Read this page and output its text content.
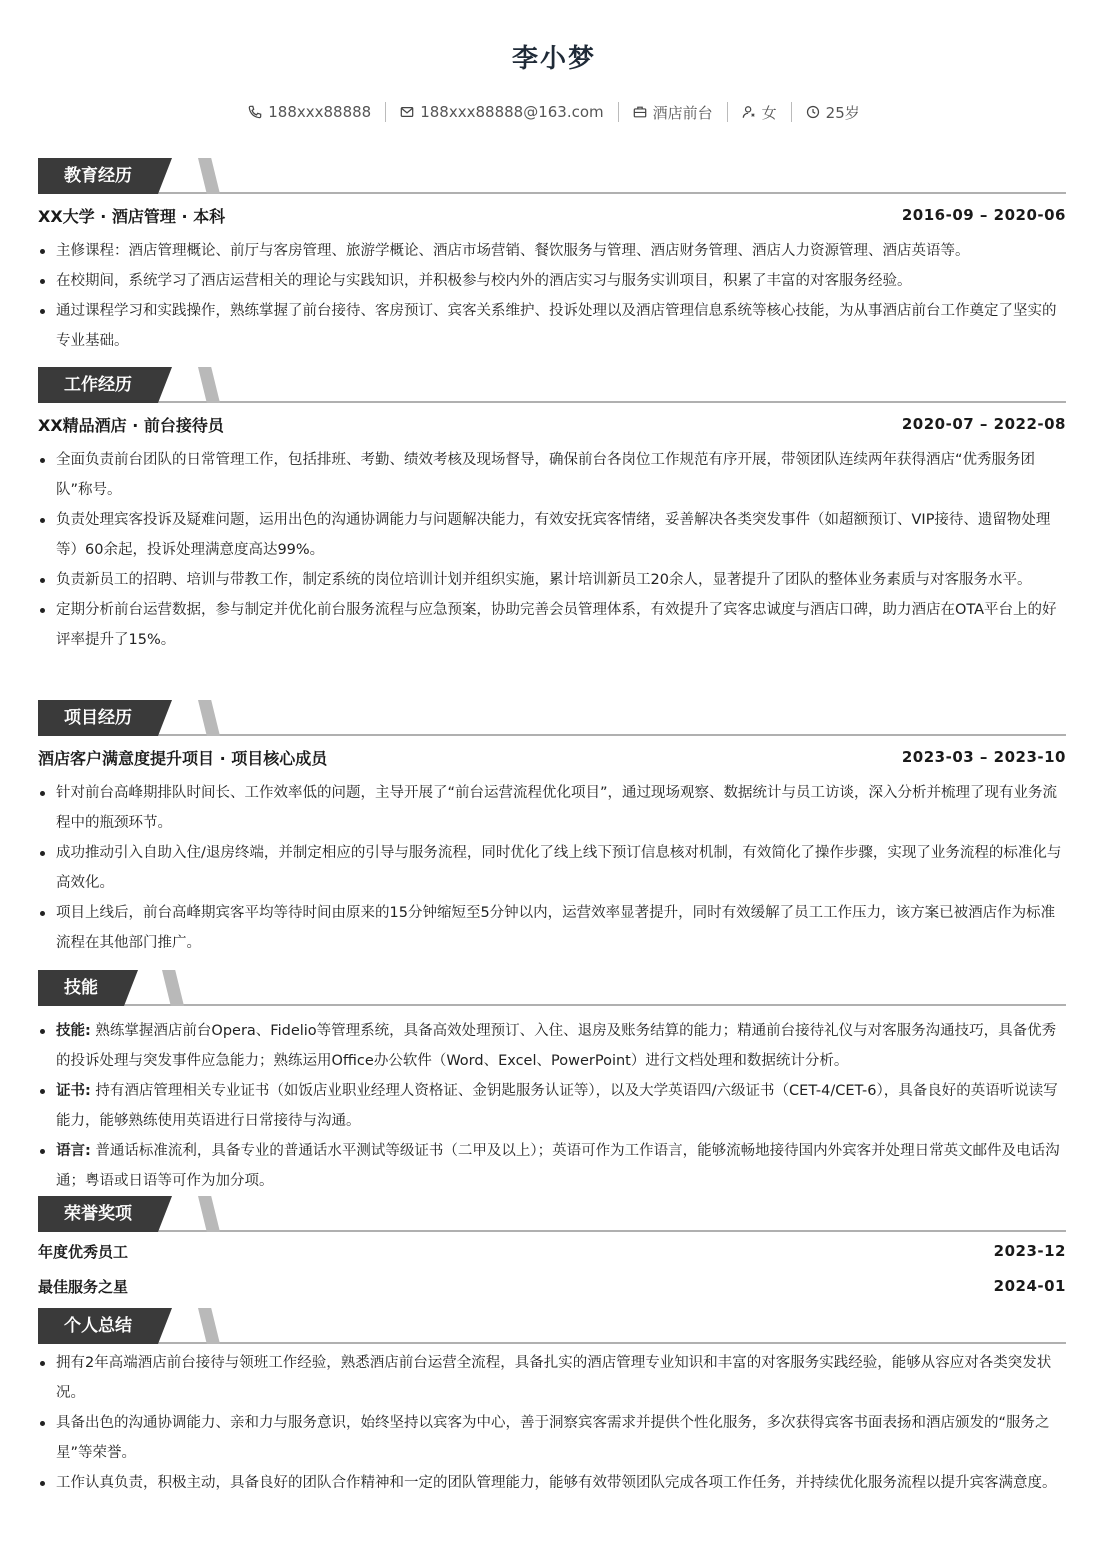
李小梦
188xxx88888	188xxx88888@163.com	酒店前台	女	25岁
教育经历
XX大学 · 酒店管理 · 本科	2016-09 – 2020-06
主修课程：酒店管理概论、前厅与客房管理、旅游学概论、酒店市场营销、餐饮服务与管理、酒店财务管理、酒店人力资源管理、酒店英语等。
在校期间，系统学习了酒店运营相关的理论与实践知识，并积极参与校内外的酒店实习与服务实训项目，积累了丰富的对客服务经验。
通过课程学习和实践操作，熟练掌握了前台接待、客房预订、宾客关系维护、投诉处理以及酒店管理信息系统等核心技能，为从事酒店前台工作奠定了坚实的专业基础。
工作经历
XX精品酒店 · 前台接待员	2020-07 – 2022-08
全面负责前台团队的日常管理工作，包括排班、考勤、绩效考核及现场督导，确保前台各岗位工作规范有序开展，带领团队连续两年获得酒店“优秀服务团队”称号。
负责处理宾客投诉及疑难问题，运用出色的沟通协调能力与问题解决能力，有效安抚宾客情绪，妥善解决各类突发事件（如超额预订、VIP接待、遗留物处理等）60余起，投诉处理满意度高达99%。
负责新员工的招聘、培训与带教工作，制定系统的岗位培训计划并组织实施，累计培训新员工20余人，显著提升了团队的整体业务素质与对客服务水平。
定期分析前台运营数据，参与制定并优化前台服务流程与应急预案，协助完善会员管理体系，有效提升了宾客忠诚度与酒店口碑，助力酒店在OTA平台上的好评率提升了15%。
项目经历
酒店客户满意度提升项目 · 项目核心成员	2023-03 – 2023-10
针对前台高峰期排队时间长、工作效率低的问题，主导开展了“前台运营流程优化项目”，通过现场观察、数据统计与员工访谈，深入分析并梳理了现有业务流程中的瓶颈环节。
成功推动引入自助入住/退房终端，并制定相应的引导与服务流程，同时优化了线上线下预订信息核对机制，有效简化了操作步骤，实现了业务流程的标准化与高效化。
项目上线后，前台高峰期宾客平均等待时间由原来的15分钟缩短至5分钟以内，运营效率显著提升，同时有效缓解了员工工作压力，该方案已被酒店作为标准流程在其他部门推广。
技能
技能: 熟练掌握酒店前台Opera、Fidelio等管理系统，具备高效处理预订、入住、退房及账务结算的能力；精通前台接待礼仪与对客服务沟通技巧，具备优秀的投诉处理与突发事件应急能力；熟练运用Office办公软件（Word、Excel、PowerPoint）进行文档处理和数据统计分析。
证书: 持有酒店管理相关专业证书（如饭店业职业经理人资格证、金钥匙服务认证等），以及大学英语四/六级证书（CET-4/CET-6），具备良好的英语听说读写能力，能够熟练使用英语进行日常接待与沟通。
语言: 普通话标准流利，具备专业的普通话水平测试等级证书（二甲及以上）；英语可作为工作语言，能够流畅地接待国内外宾客并处理日常英文邮件及电话沟通；粤语或日语等可作为加分项。
荣誉奖项
年度优秀员工	2023-12
最佳服务之星	2024-01
个人总结
拥有2年高端酒店前台接待与领班工作经验，熟悉酒店前台运营全流程，具备扎实的酒店管理专业知识和丰富的对客服务实践经验，能够从容应对各类突发状况。
具备出色的沟通协调能力、亲和力与服务意识，始终坚持以宾客为中心，善于洞察宾客需求并提供个性化服务，多次获得宾客书面表扬和酒店颁发的“服务之星”等荣誉。
工作认真负责，积极主动，具备良好的团队合作精神和一定的团队管理能力，能够有效带领团队完成各项工作任务，并持续优化服务流程以提升宾客满意度。
